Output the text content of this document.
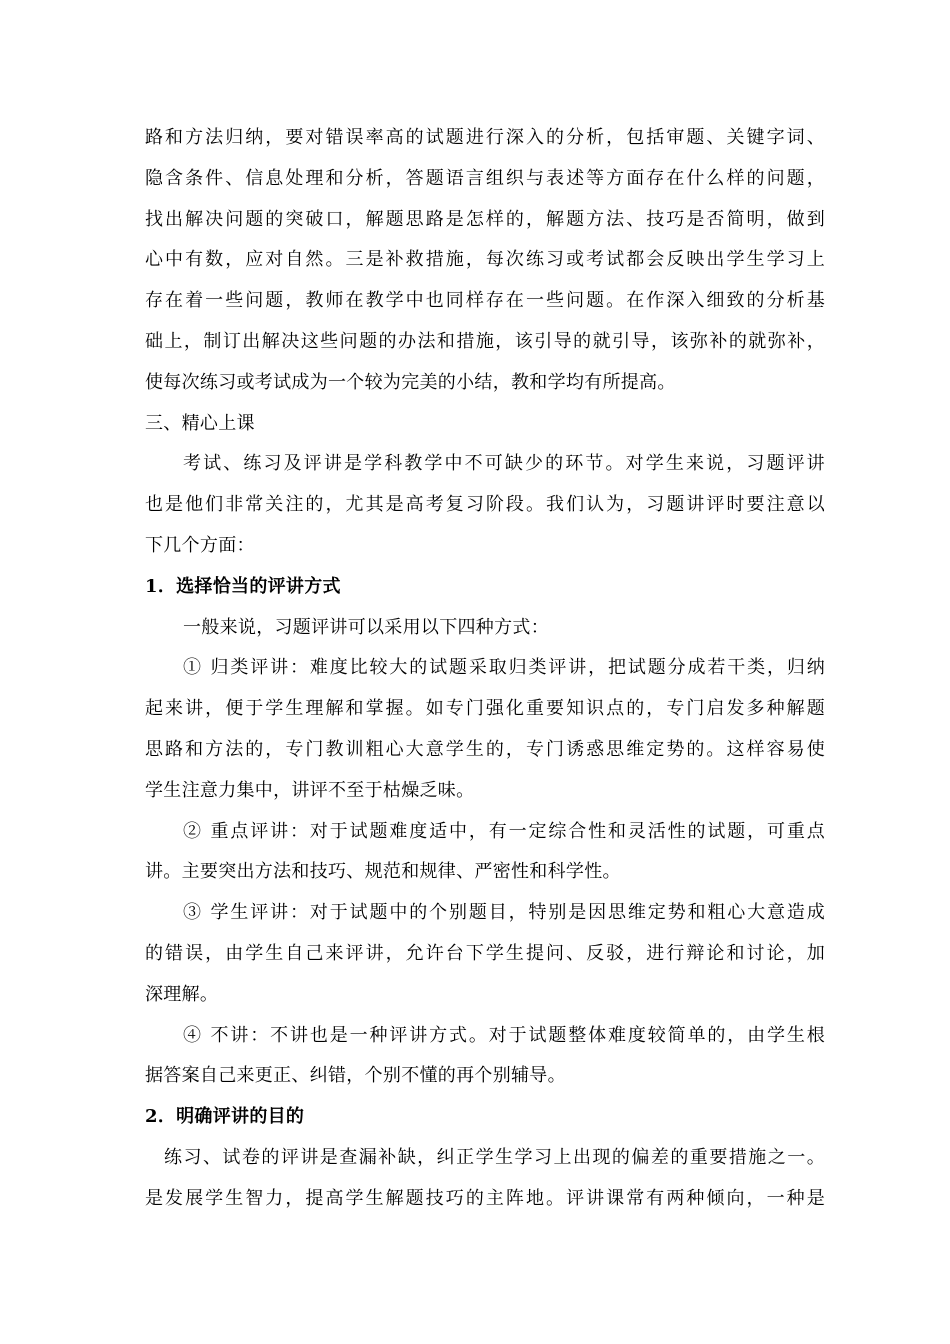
路和方法归纳，要对错误率高的试题进行深入的分析，包括审题、关键字词、
隐含条件、信息处理和分析，答题语言组织与表述等方面存在什么样的问题，
找出解决问题的突破口，解题思路是怎样的，解题方法、技巧是否简明，做到
心中有数，应对自然。三是补救措施，每次练习或考试都会反映出学生学习上
存在着一些问题，教师在教学中也同样存在一些问题。在作深入细致的分析基
础上，制订出解决这些问题的办法和措施，该引导的就引导，该弥补的就弥补，
使每次练习或考试成为一个较为完美的小结，教和学均有所提高。
三、精心上课
考试、练习及评讲是学科教学中不可缺少的环节。对学生来说，习题评讲
也是他们非常关注的，尤其是高考复习阶段。我们认为，习题讲评时要注意以
下几个方面：
1．选择恰当的评讲方式
一般来说，习题评讲可以采用以下四种方式：
① 归类评讲：难度比较大的试题采取归类评讲，把试题分成若干类，归纳
起来讲，便于学生理解和掌握。如专门强化重要知识点的，专门启发多种解题
思路和方法的，专门教训粗心大意学生的，专门诱惑思维定势的。这样容易使
学生注意力集中，讲评不至于枯燥乏味。
② 重点评讲：对于试题难度适中，有一定综合性和灵活性的试题，可重点
讲。主要突出方法和技巧、规范和规律、严密性和科学性。
③ 学生评讲：对于试题中的个别题目，特别是因思维定势和粗心大意造成
的错误，由学生自己来评讲，允许台下学生提问、反驳，进行辩论和讨论，加
深理解。
④ 不讲：不讲也是一种评讲方式。对于试题整体难度较简单的，由学生根
据答案自己来更正、纠错，个别不懂的再个别辅导。
2．明确评讲的目的
练习、试卷的评讲是查漏补缺，纠正学生学习上出现的偏差的重要措施之一。
是发展学生智力，提高学生解题技巧的主阵地。评讲课常有两种倾向，一种是
